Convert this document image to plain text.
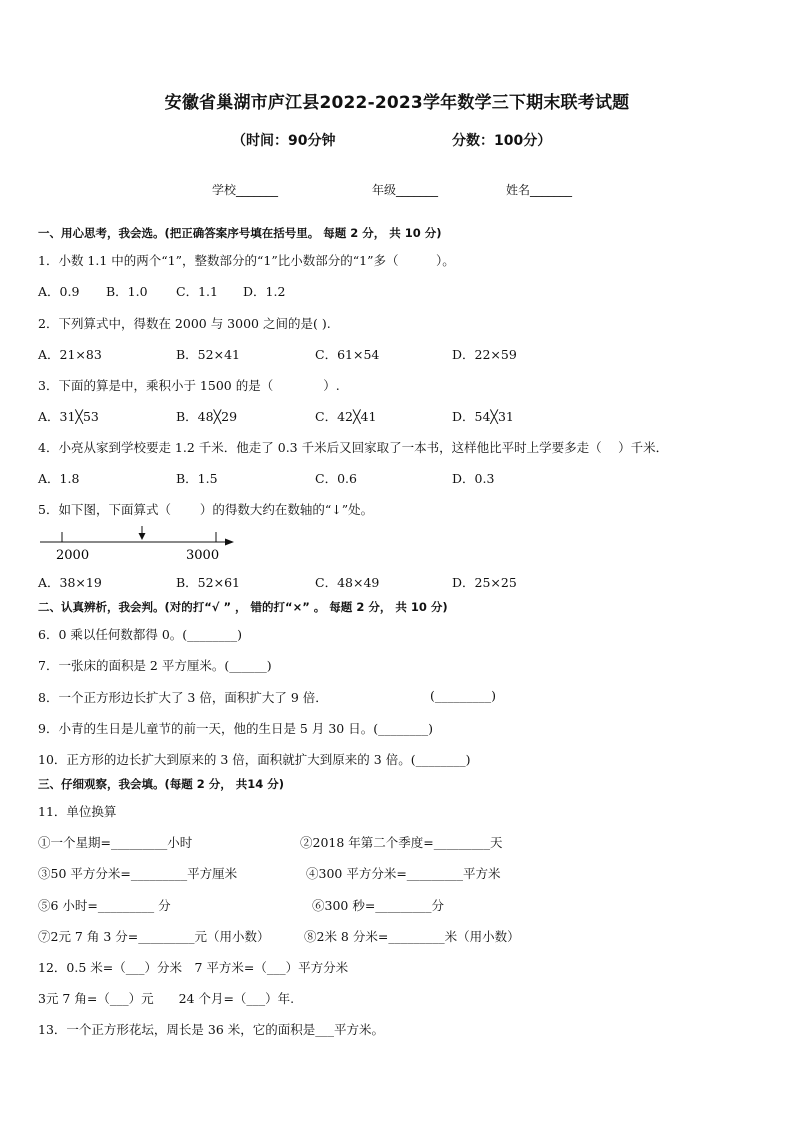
安徽省巢湖市庐江县2022-2023学年数学三下期末联考试题
（时间：90分钟	分数：100分）
学校_______	年级_______	姓名_______
一、用心思考，我会选。(把正确答案序号填在括号里。 每题 2 分， 共 10 分)
1．小数 1.1 中的两个“1”，整数部分的“1”比小数部分的“1”多（　　　）。
A．0.9 B．1.0 C．1.1 D．1.2
2．下列算式中，得数在 2000 与 3000 之间的是( ).
A．21×83	B．52×41	C．61×54	D．22×59
3．下面的算是中，乘积小于 1500 的是（　　　　）.
A．31╳53	B．48╳29	C．42╳41	D．54╳31
4．小亮从家到学校要走 1.2 千米．他走了 0.3 千米后又回家取了一本书，这样他比平时上学要多走（　 ）千米．
A．1.8	B．1.5	C．0.6	D．0.3
5．如下图，下面算式（　　 ）的得数大约在数轴的“↓”处。
2000	3000
A．38×19	B．52×61	C．48×49	D．25×25
二、认真辨析，我会判。(对的打“√ ” ， 错的打“×” 。 每题 2 分， 共 10 分)
6．0 乘以任何数都得 0。(________)
7．一张床的面积是 2 平方厘米。(______)
8．一个正方形边长扩大了 3 倍，面积扩大了 9 倍．	(_________)
9．小青的生日是儿童节的前一天，他的生日是 5 月 30 日。(________)
10．正方形的边长扩大到原来的 3 倍，面积就扩大到原来的 3 倍。(________)
三、仔细观察，我会填。(每题 2 分， 共14 分)
11．单位换算
①一个星期=_________小时	②2018 年第二个季度=_________天
③50 平方分米=_________平方厘米	④300 平方分米=_________平方米
⑤6 小时=_________ 分	⑥300 秒=_________分
⑦2元 7 角 3 分=_________元（用小数）	⑧2米 8 分米=_________米（用小数）
12．0.5 米=（___）分米　7 平方米=（___）平方分米
3元 7 角=（___）元　　24 个月=（___）年.
13．一个正方形花坛，周长是 36 米，它的面积是___平方米。
